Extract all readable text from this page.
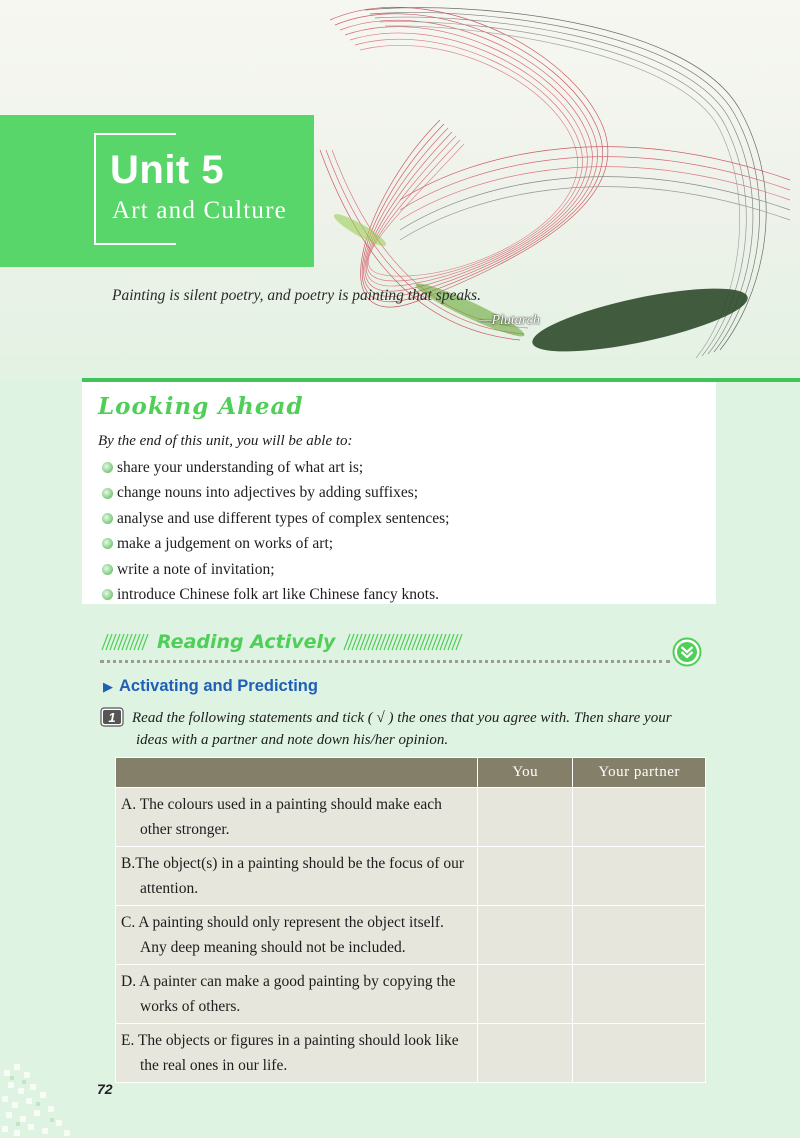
Unit 5
Art and Culture
Painting is silent poetry, and poetry is painting that speaks.
—Plutarch
Looking Ahead
By the end of this unit, you will be able to:
share your understanding of what art is;
change nouns into adjectives by adding suffixes;
analyse and use different types of complex sentences;
make a judgement on works of art;
write a note of invitation;
introduce Chinese folk art like Chinese fancy knots.
Reading Actively
▶ Activating and Predicting
1 Read the following statements and tick ( √ ) the ones that you agree with. Then share your
ideas with a partner and note down his/her opinion.
	You	Your partner
A. The colours used in a painting should make each
other stronger.		

B.The object(s) in a painting should be the focus of our
attention.		

C. A painting should only represent the object itself.
Any deep meaning should not be included.		

D. A painter can make a good painting by copying the
works of others.		

E. The objects or figures in a painting should look like
the real ones in our life.		

72
